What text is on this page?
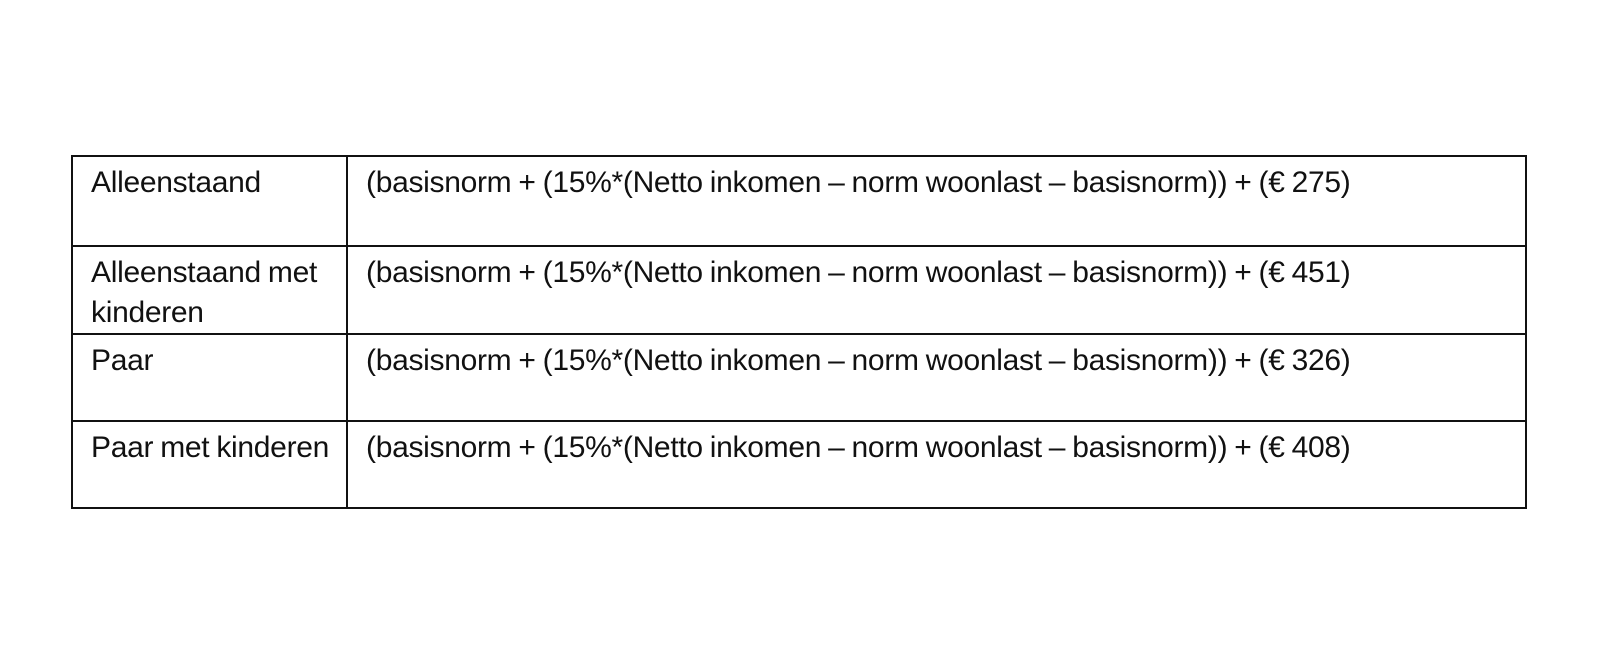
Alleenstaand	(basisnorm + (15%*(Netto inkomen – norm woonlast – basisnorm)) + (€ 275)
Alleenstaand met kinderen	(basisnorm + (15%*(Netto inkomen – norm woonlast – basisnorm)) + (€ 451)
Paar	(basisnorm + (15%*(Netto inkomen – norm woonlast – basisnorm)) + (€ 326)
Paar met kinderen	(basisnorm + (15%*(Netto inkomen – norm woonlast – basisnorm)) + (€ 408)
